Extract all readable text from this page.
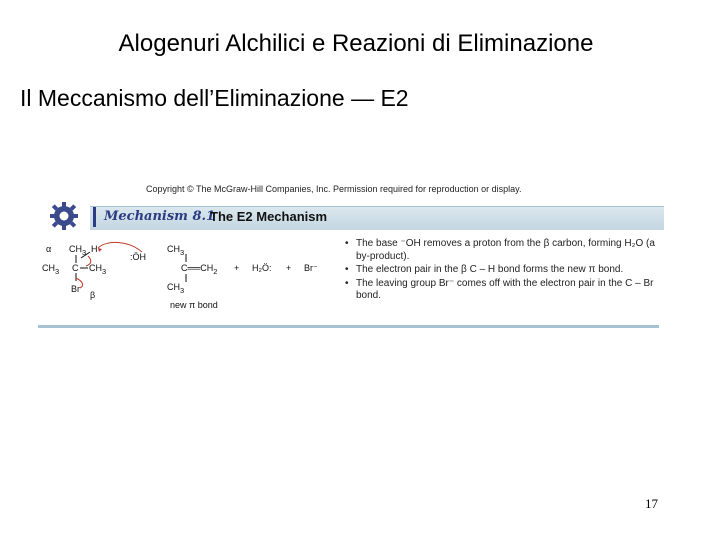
Alogenuri Alchilici e Reazioni di Eliminazione
Il Meccanismo dell’Eliminazione — E2
Copyright © The McGraw-Hill Companies, Inc. Permission required for reproduction or display.
Mechanism 8.1
The E2 Mechanism
α $CH_3$ H
$CH_3$ C $CH_3$
Br
β
:ÖH
$CH_3$
$C══CH_2$
$CH_3$
+ H₂Ö: + Br⁻
new π bond
• The base ⁻OH removes a proton from the β carbon, forming H₂O (a by-product).
• The electron pair in the β C – H bond forms the new π bond.
• The leaving group Br⁻ comes off with the electron pair in the C – Br bond.
17
